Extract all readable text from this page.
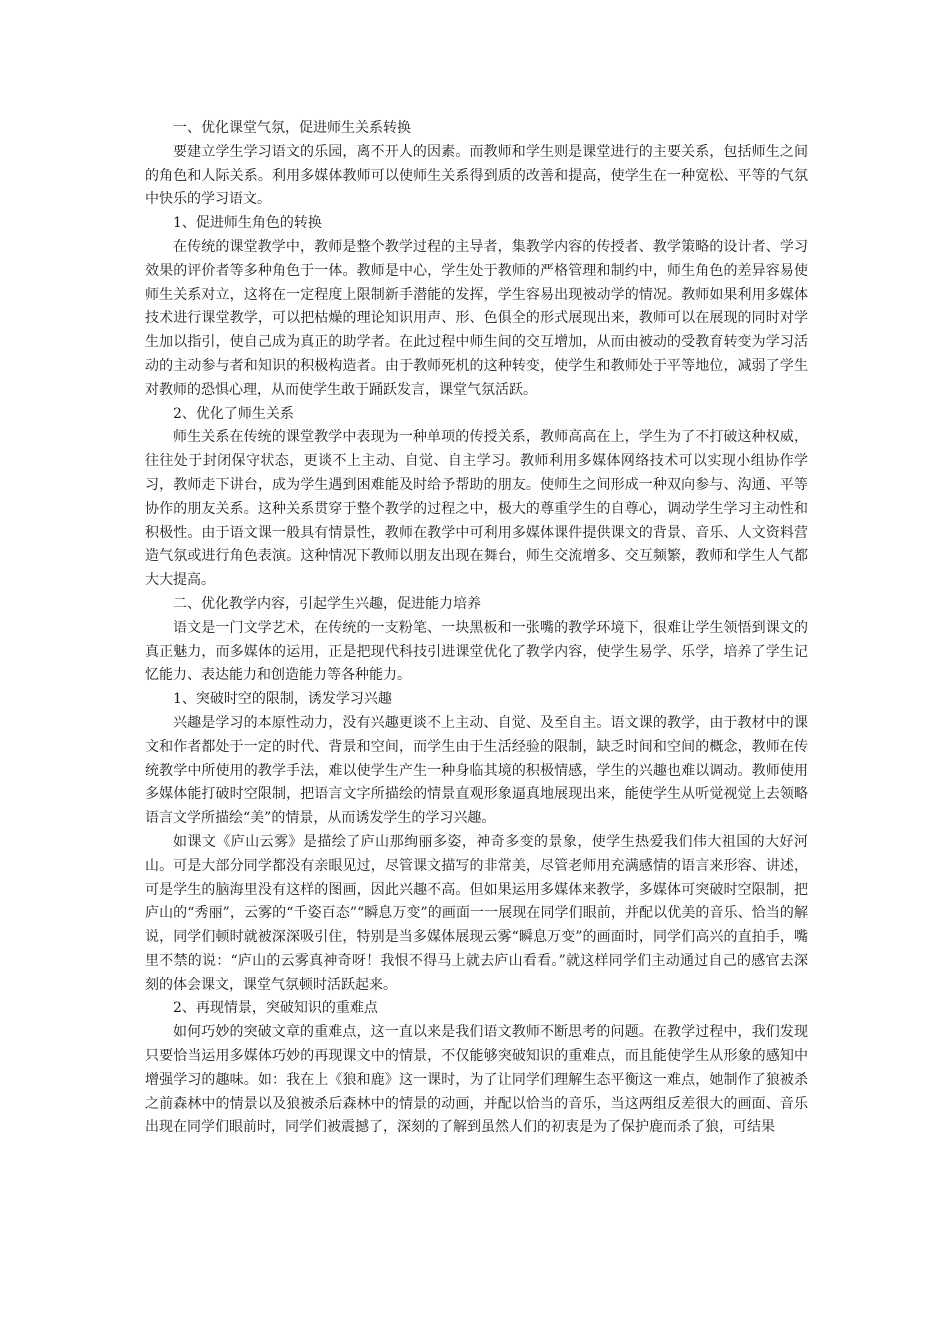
一、优化课堂气氛，促进师生关系转换

要建立学生学习语文的乐园，离不开人的因素。而教师和学生则是课堂进行的主要关系，包括师生之间的角色和人际关系。利用多媒体教师可以使师生关系得到质的改善和提高，使学生在一种宽松、平等的气氛中快乐的学习语文。

1、促进师生角色的转换

在传统的课堂教学中，教师是整个教学过程的主导者，集教学内容的传授者、教学策略的设计者、学习效果的评价者等多种角色于一体。教师是中心，学生处于教师的严格管理和制约中，师生角色的差异容易使师生关系对立，这将在一定程度上限制新手潜能的发挥，学生容易出现被动学的情况。教师如果利用多媒体技术进行课堂教学，可以把枯燥的理论知识用声、形、色俱全的形式展现出来，教师可以在展现的同时对学生加以指引，使自己成为真正的助学者。在此过程中师生间的交互增加，从而由被动的受教育转变为学习活动的主动参与者和知识的积极构造者。由于教师死机的这种转变，使学生和教师处于平等地位，减弱了学生对教师的恐惧心理，从而使学生敢于踊跃发言，课堂气氛活跃。

2、优化了师生关系

师生关系在传统的课堂教学中表现为一种单项的传授关系，教师高高在上，学生为了不打破这种权威，往往处于封闭保守状态，更谈不上主动、自觉、自主学习。教师利用多媒体网络技术可以实现小组协作学习，教师走下讲台，成为学生遇到困难能及时给予帮助的朋友。使师生之间形成一种双向参与、沟通、平等协作的朋友关系。这种关系贯穿于整个教学的过程之中，极大的尊重学生的自尊心，调动学生学习主动性和积极性。由于语文课一般具有情景性，教师在教学中可利用多媒体课件提供课文的背景、音乐、人文资料营造气氛或进行角色表演。这种情况下教师以朋友出现在舞台，师生交流增多、交互频繁，教师和学生人气都大大提高。

二、优化教学内容，引起学生兴趣，促进能力培养

语文是一门文学艺术，在传统的一支粉笔、一块黑板和一张嘴的教学环境下，很难让学生领悟到课文的真正魅力，而多媒体的运用，正是把现代科技引进课堂优化了教学内容，使学生易学、乐学，培养了学生记忆能力、表达能力和创造能力等各种能力。

1、突破时空的限制，诱发学习兴趣

兴趣是学习的本原性动力，没有兴趣更谈不上主动、自觉、及至自主。语文课的教学，由于教材中的课文和作者都处于一定的时代、背景和空间，而学生由于生活经验的限制，缺乏时间和空间的概念，教师在传统教学中所使用的教学手法，难以使学生产生一种身临其境的积极情感，学生的兴趣也难以调动。教师使用多媒体能打破时空限制，把语言文字所描绘的情景直观形象逼真地展现出来，能使学生从听觉视觉上去领略语言文学所描绘“美”的情景，从而诱发学生的学习兴趣。

如课文《庐山云雾》是描绘了庐山那绚丽多姿，神奇多变的景象，使学生热爱我们伟大祖国的大好河山。可是大部分同学都没有亲眼见过，尽管课文描写的非常美，尽管老师用充满感情的语言来形容、讲述，可是学生的脑海里没有这样的图画，因此兴趣不高。但如果运用多媒体来教学，多媒体可突破时空限制，把庐山的“秀丽”，云雾的“千姿百态”“瞬息万变”的画面一一展现在同学们眼前，并配以优美的音乐、恰当的解说，同学们顿时就被深深吸引住，特别是当多媒体展现云雾“瞬息万变”的画面时，同学们高兴的直拍手，嘴里不禁的说：“庐山的云雾真神奇呀！我恨不得马上就去庐山看看。”就这样同学们主动通过自己的感官去深刻的体会课文，课堂气氛顿时活跃起来。

2、再现情景，突破知识的重难点

如何巧妙的突破文章的重难点，这一直以来是我们语文教师不断思考的问题。在教学过程中，我们发现只要恰当运用多媒体巧妙的再现课文中的情景，不仅能够突破知识的重难点，而且能使学生从形象的感知中增强学习的趣味。如：我在上《狼和鹿》这一课时，为了让同学们理解生态平衡这一难点，她制作了狼被杀之前森林中的情景以及狼被杀后森林中的情景的动画，并配以恰当的音乐，当这两组反差很大的画面、音乐出现在同学们眼前时，同学们被震撼了，深刻的了解到虽然人们的初衷是为了保护鹿而杀了狼，可结果
